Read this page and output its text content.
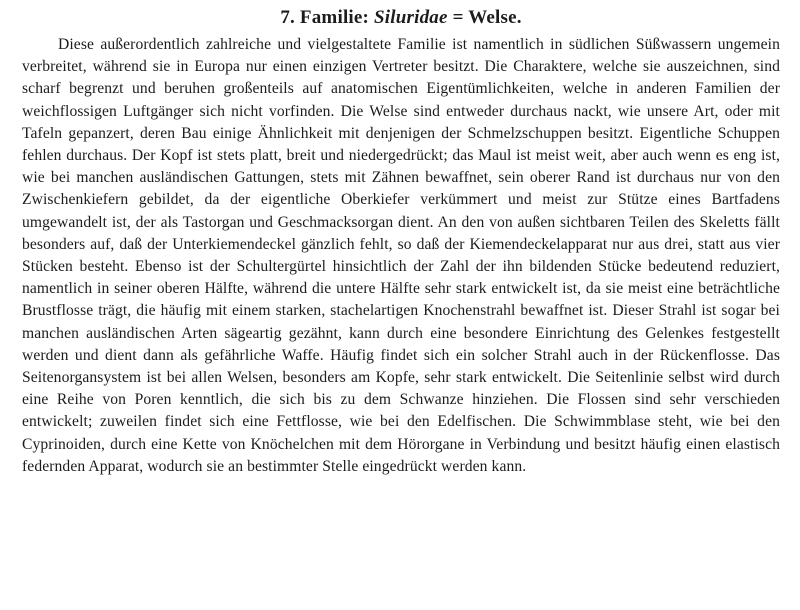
7. Familie: Siluridae = Welse.

Diese außerordentlich zahlreiche und vielgestaltete Familie ist namentlich in südlichen Süßwassern ungemein verbreitet, während sie in Europa nur einen einzigen Vertreter besitzt. Die Charaktere, welche sie auszeichnen, sind scharf begrenzt und beruhen großenteils auf anatomischen Eigentümlichkeiten, welche in anderen Familien der weichflossigen Luftgänger sich nicht vorfinden. Die Welse sind entweder durchaus nackt, wie unsere Art, oder mit Tafeln gepanzert, deren Bau einige Ähnlichkeit mit denjenigen der Schmelzschuppen besitzt. Eigentliche Schuppen fehlen durchaus. Der Kopf ist stets platt, breit und niedergedrückt; das Maul ist meist weit, aber auch wenn es eng ist, wie bei manchen ausländischen Gattungen, stets mit Zähnen bewaffnet, sein oberer Rand ist durchaus nur von den Zwischenkiefern gebildet, da der eigentliche Oberkiefer verkümmert und meist zur Stütze eines Bartfadens umgewandelt ist, der als Tastorgan und Geschmacksorgan dient. An den von außen sichtbaren Teilen des Skeletts fällt besonders auf, daß der Unterkiemendeckel gänzlich fehlt, so daß der Kiemendeckelapparat nur aus drei, statt aus vier Stücken besteht. Ebenso ist der Schultergürtel hinsichtlich der Zahl der ihn bildenden Stücke bedeutend reduziert, namentlich in seiner oberen Hälfte, während die untere Hälfte sehr stark entwickelt ist, da sie meist eine beträchtliche Brustflosse trägt, die häufig mit einem starken, stachelartigen Knochenstrahl bewaffnet ist. Dieser Strahl ist sogar bei manchen ausländischen Arten sägeartig gezähnt, kann durch eine besondere Einrichtung des Gelenkes festgestellt werden und dient dann als gefährliche Waffe. Häufig findet sich ein solcher Strahl auch in der Rückenflosse. Das Seitenorgansystem ist bei allen Welsen, besonders am Kopfe, sehr stark entwickelt. Die Seitenlinie selbst wird durch eine Reihe von Poren kenntlich, die sich bis zu dem Schwanze hinziehen. Die Flossen sind sehr verschieden entwickelt; zuweilen findet sich eine Fettflosse, wie bei den Edelfischen. Die Schwimmblase steht, wie bei den Cyprinoiden, durch eine Kette von Knöchelchen mit dem Hörorgane in Verbindung und besitzt häufig einen elastisch federnden Apparat, wodurch sie an bestimmter Stelle eingedrückt werden kann.
